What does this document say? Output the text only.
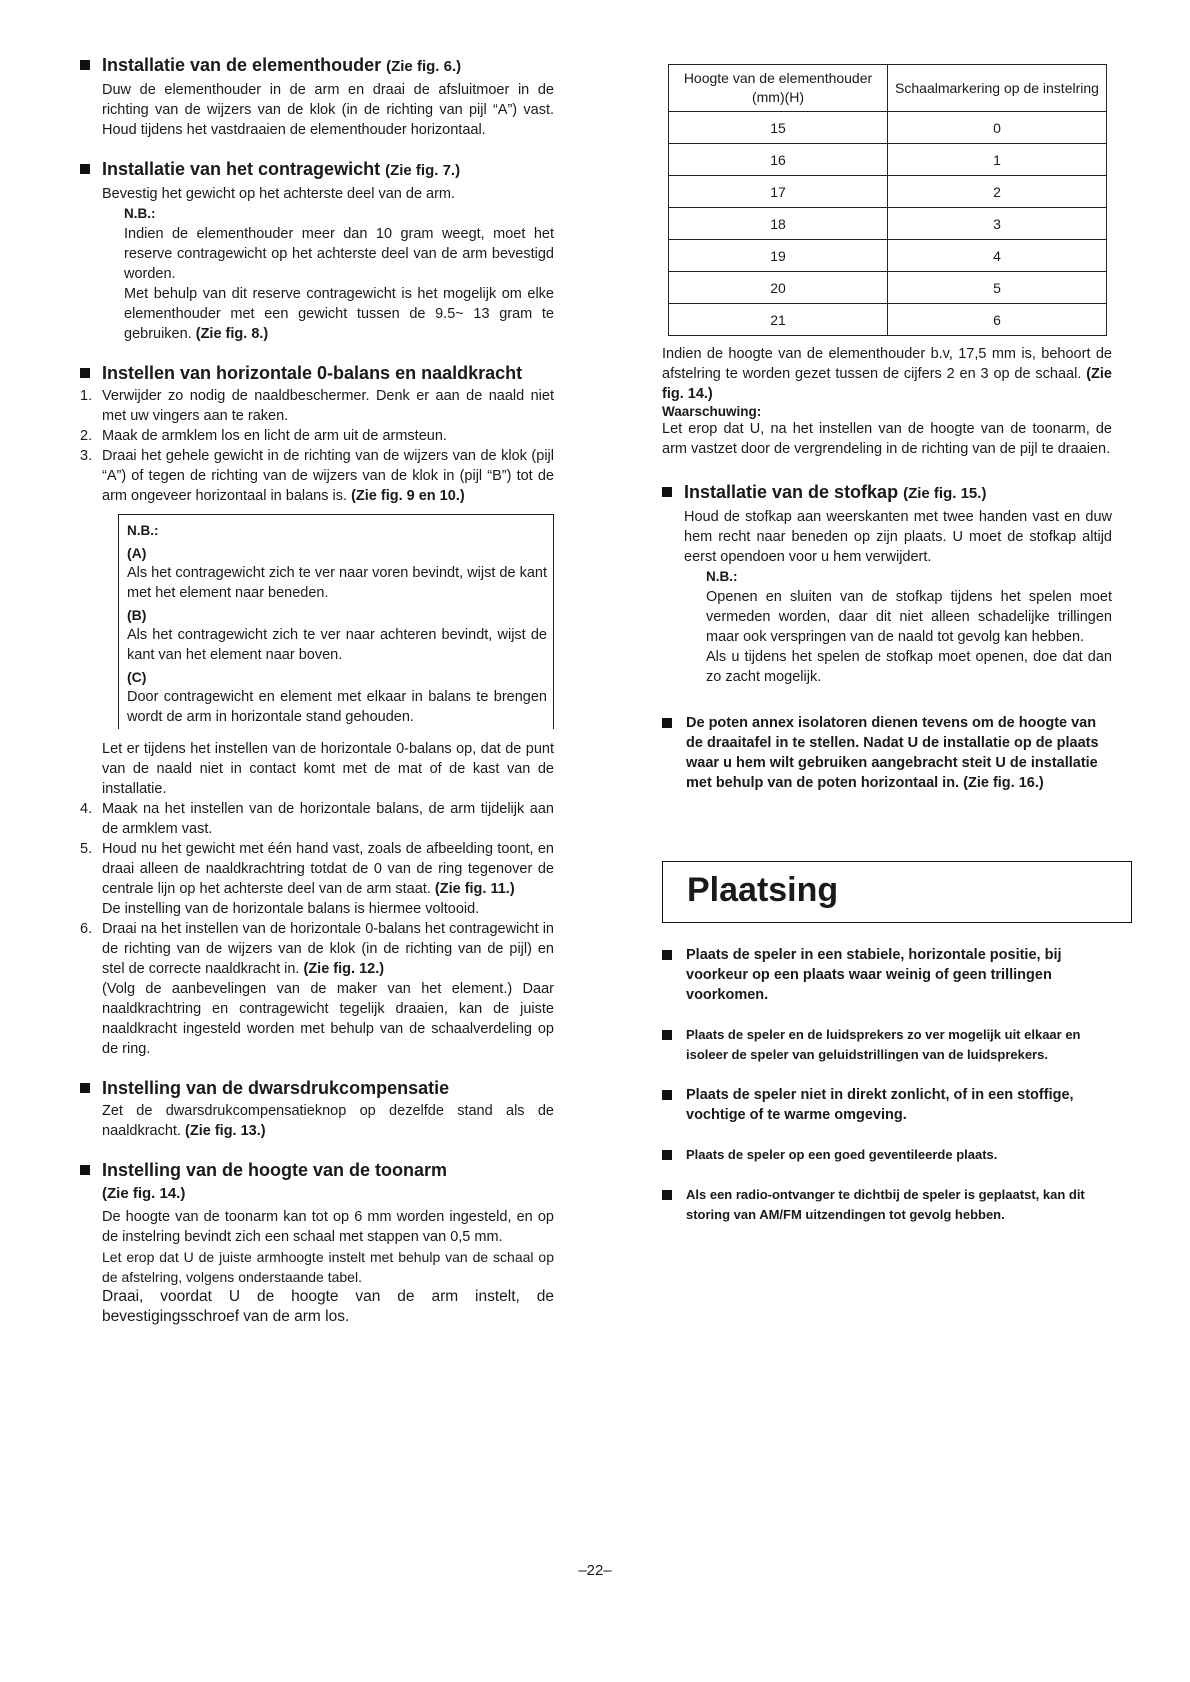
Installatie van de elementhouder (Zie fig. 6.)

Duw de elementhouder in de arm en draai de afsluitmoer in de richting van de wijzers van de klok (in de richting van pijl “A”) vast. Houd tijdens het vastdraaien de elementhouder horizontaal.

Installatie van het contragewicht (Zie fig. 7.)

Bevestig het gewicht op het achterste deel van de arm.

N.B.:

Indien de elementhouder meer dan 10 gram weegt, moet het reserve contragewicht op het achterste deel van de arm bevestigd worden.

Met behulp van dit reserve contragewicht is het mogelijk om elke elementhouder met een gewicht tussen de 9.5~ 13 gram te gebruiken. (Zie fig. 8.)

Instellen van horizontale 0-balans en naaldkracht
1. Verwijder zo nodig de naaldbeschermer. Denk er aan de naald niet met uw vingers aan te raken.
2. Maak de armklem los en licht de arm uit de armsteun.
3. Draai het gehele gewicht in de richting van de wijzers van de klok (pijl “A”) of tegen de richting van de wijzers van de klok in (pijl “B”) tot de arm ongeveer horizontaal in balans is. (Zie fig. 9 en 10.)
N.B.:
(A)

Als het contragewicht zich te ver naar voren bevindt, wijst de kant met het element naar beneden.

(B)

Als het contragewicht zich te ver naar achteren bevindt, wijst de kant van het element naar boven.

(C)

Door contragewicht en element met elkaar in balans te brengen wordt de arm in horizontale stand gehouden.

Let er tijdens het instellen van de horizontale 0-balans op, dat de punt van de naald niet in contact komt met de mat of de kast van de installatie.

4. Maak na het instellen van de horizontale balans, de arm tijdelijk aan de armklem vast.
5. Houd nu het gewicht met één hand vast, zoals de afbeelding toont, en draai alleen de naaldkrachtring totdat de 0 van de ring tegenover de centrale lijn op het achterste deel van de arm staat. (Zie fig. 11.)
De instelling van de horizontale balans is hiermee voltooid.
6. Draai na het instellen van de horizontale 0-balans het contragewicht in de richting van de wijzers van de klok (in de richting van de pijl) en stel de correcte naaldkracht in. (Zie fig. 12.)
(Volg de aanbevelingen van de maker van het element.) Daar naaldkrachtring en contragewicht tegelijk draaien, kan de juiste naaldkracht ingesteld worden met behulp van de schaalverdeling op de ring.
Instelling van de dwarsdrukcompensatie

Zet de dwarsdrukcompensatieknop op dezelfde stand als de naaldkracht. (Zie fig. 13.)

Instelling van de hoogte van de toonarm
(Zie fig. 14.)

De hoogte van de toonarm kan tot op 6 mm worden ingesteld, en op de instelring bevindt zich een schaal met stappen van 0,5 mm.

Let erop dat U de juiste armhoogte instelt met behulp van de schaal op de afstelring, volgens onderstaande tabel.

Draai, voordat U de hoogte van de arm instelt, de bevestigingsschroef van de arm los.

Hoogte van de elementhouder (mm)(H)	Schaalmarkering op de instelring
15	0
16	1
17	2
18	3
19	4
20	5
21	6

Indien de hoogte van de elementhouder b.v, 17,5 mm is, behoort de afstelring te worden gezet tussen de cijfers 2 en 3 op de schaal. (Zie fig. 14.)

Waarschuwing:

Let erop dat U, na het instellen van de hoogte van de toonarm, de arm vastzet door de vergrendeling in de richting van de pijl te draaien.

Installatie van de stofkap (Zie fig. 15.)

Houd de stofkap aan weerskanten met twee handen vast en duw hem recht naar beneden op zijn plaats. U moet de stofkap altijd eerst opendoen voor u hem verwijdert.

N.B.:

Openen en sluiten van de stofkap tijdens het spelen moet vermeden worden, daar dit niet alleen schadelijke trillingen maar ook verspringen van de naald tot gevolg kan hebben.

Als u tijdens het spelen de stofkap moet openen, doe dat dan zo zacht mogelijk.

De poten annex isolatoren dienen tevens om de hoogte van de draaitafel in te stellen. Nadat U de installatie op de plaats waar u hem wilt gebruiken aangebracht steit U de installatie met behulp van de poten horizontaal in. (Zie fig. 16.)
Plaatsing
Plaats de speler in een stabiele, horizontale positie, bij voorkeur op een plaats waar weinig of geen trillingen voorkomen.
Plaats de speler en de luidsprekers zo ver mogelijk uit elkaar en isoleer de speler van geluidstrillingen van de luidsprekers.
Plaats de speler niet in direkt zonlicht, of in een stoffige, vochtige of te warme omgeving.
Plaats de speler op een goed geventileerde plaats.
Als een radio-ontvanger te dichtbij de speler is geplaatst, kan dit storing van AM/FM uitzendingen tot gevolg hebben.
–22–
